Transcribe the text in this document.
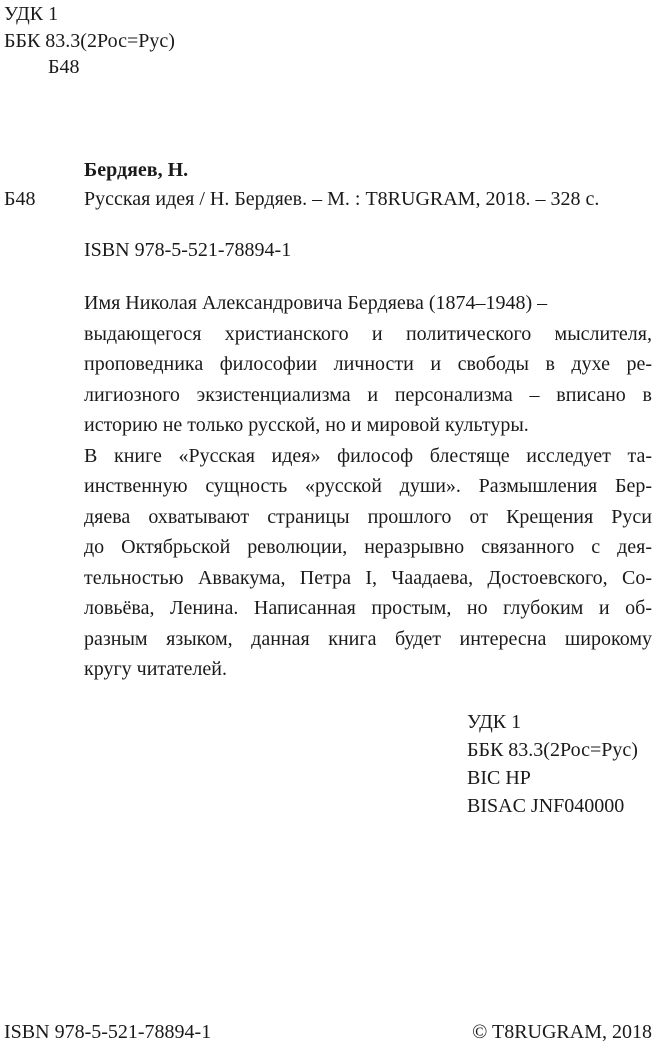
УДК 1
ББК 83.3(2Рос=Рус)
Б48
Бердяев, Н.
Б48 Русская идея / Н. Бердяев. – М. : T8RUGRAM, 2018. – 328 с.
ISBN 978-5-521-78894-1
Имя Николая Александровича Бердяева (1874–1948) –
выдающегося христианского и политического мыслителя,
проповедника философии личности и свободы в духе ре-
лигиозного экзистенциализма и персонализма – вписано в
историю не только русской, но и мировой культуры.
В книге «Русская идея» философ блестяще исследует та-
инственную сущность «русской души». Размышления Бер-
дяева охватывают страницы прошлого от Крещения Руси
до Октябрьской революции, неразрывно связанного с дея-
тельностью Аввакума, Петра I, Чаадаева, Достоевского, Со-
ловьёва, Ленина. Написанная простым, но глубоким и об-
разным языком, данная книга будет интересна широкому
кругу читателей.
УДК 1
ББК 83.3(2Рос=Рус)
BIC HP
BISAC JNF040000
ISBN 978-5-521-78894-1	© T8RUGRAM, 2018
